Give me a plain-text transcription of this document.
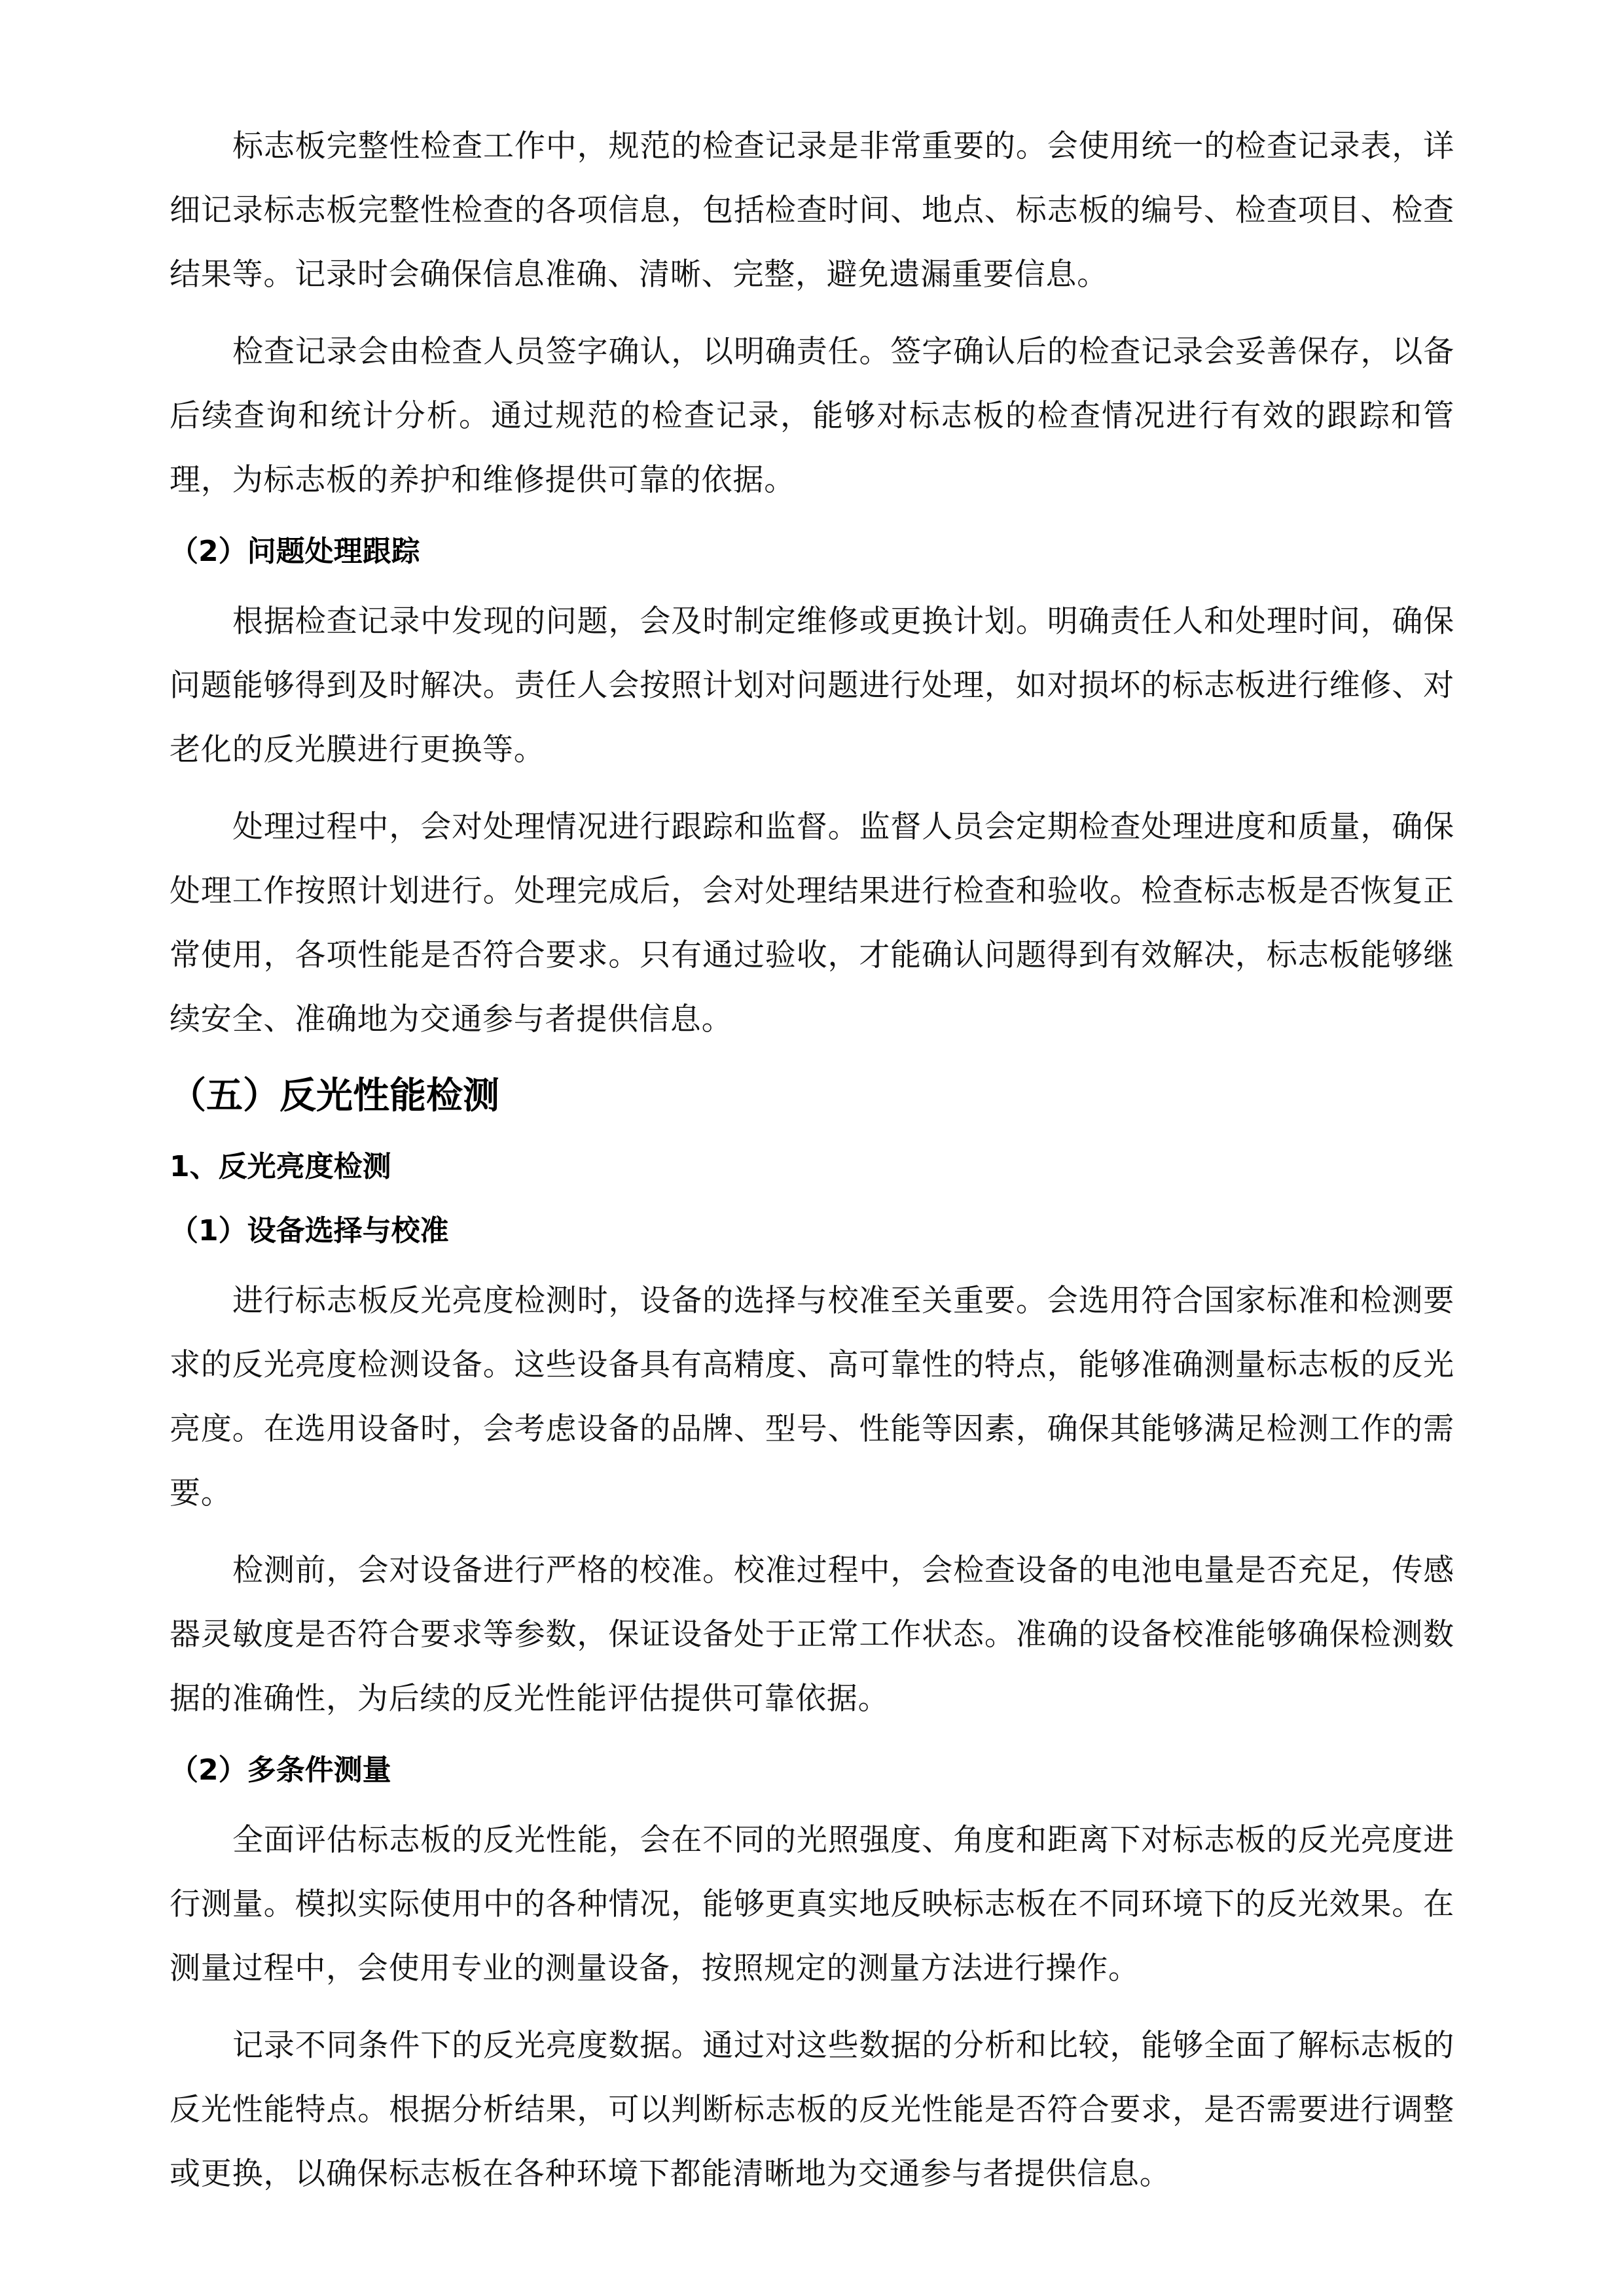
标志板完整性检查工作中，规范的检查记录是非常重要的。会使用统一的检查记录表，详细记录标志板完整性检查的各项信息，包括检查时间、地点、标志板的编号、检查项目、检查结果等。记录时会确保信息准确、清晰、完整，避免遗漏重要信息。

检查记录会由检查人员签字确认，以明确责任。签字确认后的检查记录会妥善保存，以备后续查询和统计分析。通过规范的检查记录，能够对标志板的检查情况进行有效的跟踪和管理，为标志板的养护和维修提供可靠的依据。

（2）问题处理跟踪

根据检查记录中发现的问题，会及时制定维修或更换计划。明确责任人和处理时间，确保问题能够得到及时解决。责任人会按照计划对问题进行处理，如对损坏的标志板进行维修、对老化的反光膜进行更换等。

处理过程中，会对处理情况进行跟踪和监督。监督人员会定期检查处理进度和质量，确保处理工作按照计划进行。处理完成后，会对处理结果进行检查和验收。检查标志板是否恢复正常使用，各项性能是否符合要求。只有通过验收，才能确认问题得到有效解决，标志板能够继续安全、准确地为交通参与者提供信息。

（五）反光性能检测
1、反光亮度检测
（1）设备选择与校准

进行标志板反光亮度检测时，设备的选择与校准至关重要。会选用符合国家标准和检测要求的反光亮度检测设备。这些设备具有高精度、高可靠性的特点，能够准确测量标志板的反光亮度。在选用设备时，会考虑设备的品牌、型号、性能等因素，确保其能够满足检测工作的需要。

检测前，会对设备进行严格的校准。校准过程中，会检查设备的电池电量是否充足，传感器灵敏度是否符合要求等参数，保证设备处于正常工作状态。准确的设备校准能够确保检测数据的准确性，为后续的反光性能评估提供可靠依据。

（2）多条件测量

全面评估标志板的反光性能，会在不同的光照强度、角度和距离下对标志板的反光亮度进行测量。模拟实际使用中的各种情况，能够更真实地反映标志板在不同环境下的反光效果。在测量过程中，会使用专业的测量设备，按照规定的测量方法进行操作。

记录不同条件下的反光亮度数据。通过对这些数据的分析和比较，能够全面了解标志板的反光性能特点。根据分析结果，可以判断标志板的反光性能是否符合要求，是否需要进行调整或更换，以确保标志板在各种环境下都能清晰地为交通参与者提供信息。
